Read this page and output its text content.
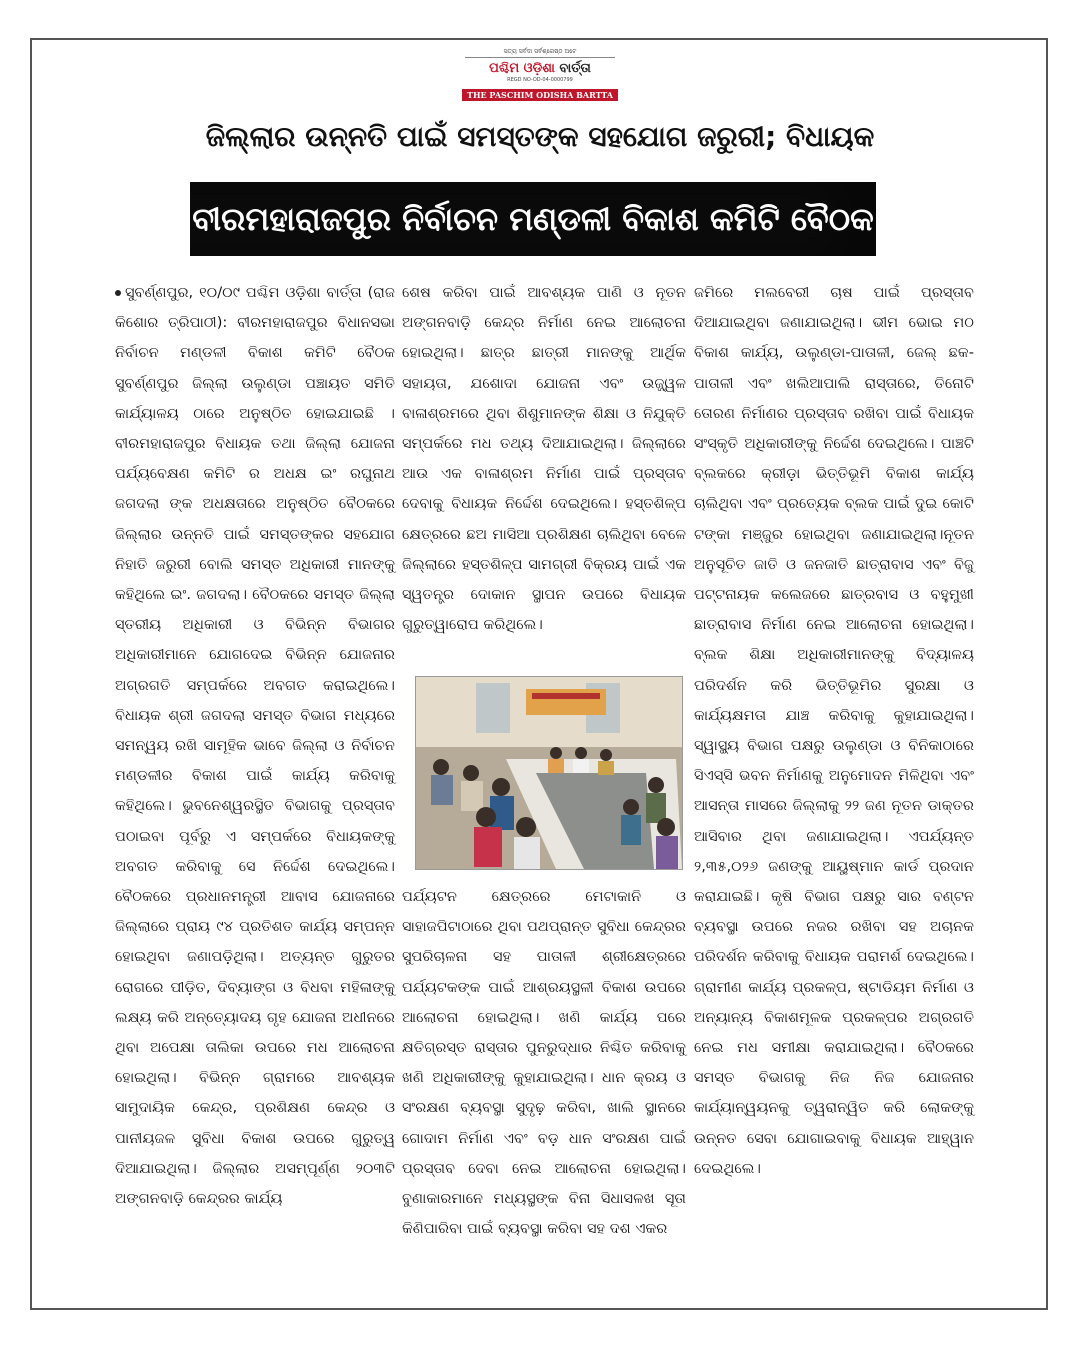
ସତ୍ୟ ସର୍ବଦା ସର୍ବଶ୍ରେଷ୍ଠ ଅଟେ
ପଶ୍ଚିମ ଓଡ଼ିଶା ବାର୍ତ୍ତା
REGD NO-OD-04-0000799
THE PASCHIM ODISHA BARTTA
ଜିଲ୍ଲାର ଉନ୍ନତି ପାଇଁ ସମସ୍ତଙ୍କ ସହଯୋଗ ଜରୁରୀ; ବିଧାୟକ
ବୀରମହାରାଜପୁର ନିର୍ବାଚନ ମଣ୍ଡଳୀ ବିକାଶ କମିଟି ବୈଠକ

ସୁବର୍ଣ୍ଣପୁର, ୧୦/୦୯ ପଶ୍ଚିମ ଓଡ଼ିଶା ବାର୍ତ୍ତା (ରାଜ କିଶୋର ତ୍ରିପାଠୀ): ବୀରମହାରାଜପୁର ବିଧାନସଭା ନିର୍ବାଚନ ମଣ୍ଡଳୀ ବିକାଶ କମିଟି ବୈଠକ ସୁବର୍ଣ୍ଣପୁର ଜିଲ୍ଲା ଉଲୁଣ୍ଡା ପଞ୍ଚାୟତ ସମିତି କାର୍ଯ୍ୟାଳୟ ଠାରେ ଅନୁଷ୍ଠିତ ହୋଇଯାଇଛି । ବୀରମହାରାଜପୁର ବିଧାୟକ ତଥା ଜିଲ୍ଲା ଯୋଜନା ପର୍ଯ୍ୟବେକ୍ଷଣ କମିଟି ର ଅଧକ୍ଷ ଇଂ ରଘୁନାଥ ଜଗଦଲା ଙ୍କ ଅଧକ୍ଷତାରେ ଅନୁଷ୍ଠିତ ବୈଠକରେ ଜିଲ୍ଲାର ଉନ୍ନତି ପାଇଁ ସମସ୍ତଙ୍କର ସହଯୋଗ ନିହାତି ଜରୁରୀ ବୋଲି ସମସ୍ତ ଅଧିକାରୀ ମାନଙ୍କୁ କହିଥିଲେ ଇଂ. ଜଗଦଲା। ବୈଠକରେ ସମସ୍ତ ଜିଲ୍ଲା ସ୍ତରୀୟ ଅଧିକାରୀ ଓ ବିଭିନ୍ନ ବିଭାଗର ଅଧିକାରୀମାନେ ଯୋଗଦେଇ ବିଭିନ୍ନ ଯୋଜନାର ଅଗ୍ରଗତି ସମ୍ପର୍କରେ ଅବଗତ କରାଇଥିଲେ। ବିଧାୟକ ଶ୍ରୀ ଜଗଦଲା ସମସ୍ତ ବିଭାଗ ମଧ୍ୟରେ ସମନ୍ୱୟ ରଖି ସାମୂହିକ ଭାବେ ଜିଲ୍ଲା ଓ ନିର୍ବାଚନ ମଣ୍ଡଳୀର ବିକାଶ ପାଇଁ କାର୍ଯ୍ୟ କରିବାକୁ କହିଥିଲେ। ଭୁବନେଶ୍ୱରସ୍ଥିତ ବିଭାଗକୁ ପ୍ରସ୍ତାବ ପଠାଇବା ପୂର୍ବରୁ ଏ ସମ୍ପର୍କରେ ବିଧାୟକଙ୍କୁ ଅବଗତ କରିବାକୁ ସେ ନିର୍ଦ୍ଦେଶ ଦେଇଥିଲେ। ବୈଠକରେ ପ୍ରଧାନମନ୍ତ୍ରୀ ଆବାସ ଯୋଜନାରେ ଜିଲ୍ଲାରେ ପ୍ରାୟ ୯୪ ପ୍ରତିଶତ କାର୍ଯ୍ୟ ସମ୍ପନ୍ନ ହୋଇଥିବା ଜଣାପଡ଼ିଥିଲା। ଅତ୍ୟନ୍ତ ଗୁରୁତର ରୋଗରେ ପୀଡ଼ିତ, ଦିବ୍ୟାଙ୍ଗ ଓ ବିଧବା ମହିଳାଙ୍କୁ ଲକ୍ଷ୍ୟ କରି ଅନ୍ତ୍ୟୋଦୟ ଗୃହ ଯୋଜନା ଅଧୀନରେ ଥିବା ଅପେକ୍ଷା ତାଲିକା ଉପରେ ମଧ ଆଲୋଚନା ହୋଇଥିଲା। ବିଭିନ୍ନ ଗ୍ରାମରେ ଆବଶ୍ୟକ ସାମୁଦାୟିକ କେନ୍ଦ୍ର, ପ୍ରଶିକ୍ଷଣ କେନ୍ଦ୍ର ଓ ପାନୀୟଜଳ ସୁବିଧା ବିକାଶ ଉପରେ ଗୁରୁତ୍ୱ ଦିଆଯାଇଥିଲା। ଜିଲ୍ଲାର ଅସମ୍ପୂର୍ଣ୍ଣ ୨୦୩ଟି ଅଙ୍ଗନବାଡ଼ି କେନ୍ଦ୍ରର କାର୍ଯ୍ୟ

ଶେଷ କରିବା ପାଇଁ ଆବଶ୍ୟକ ପାଣି ଓ ନୂତନ ଅଙ୍ଗନବାଡ଼ି କେନ୍ଦ୍ର ନିର୍ମାଣ ନେଇ ଆଲୋଚନା ହୋଇଥିଲା। ଛାତ୍ର ଛାତ୍ରୀ ମାନଙ୍କୁ ଆର୍ଥିକ ସହାୟତା, ଯଶୋଦା ଯୋଜନା ଏବଂ ଉଜ୍ଜ୍ୱଳ ବାଳାଶ୍ରମରେ ଥିବା ଶିଶୁମାନଙ୍କ ଶିକ୍ଷା ଓ ନିଯୁକ୍ତି ସମ୍ପର୍କରେ ମଧ ତଥ୍ୟ ଦିଆଯାଇଥିଲା। ଜିଲ୍ଲାରେ ଆଉ ଏକ ବାଳାଶ୍ରମ ନିର୍ମାଣ ପାଇଁ ପ୍ରସ୍ତାବ ଦେବାକୁ ବିଧାୟକ ନିର୍ଦ୍ଦେଶ ଦେଇଥିଲେ। ହସ୍ତଶିଳ୍ପ କ୍ଷେତ୍ରରେ ଛଅ ମାସିଆ ପ୍ରଶିକ୍ଷଣ ଚାଲିଥିବା ବେଳେ ଜିଲ୍ଲାରେ ହସ୍ତଶିଳ୍ପ ସାମଗ୍ରୀ ବିକ୍ରୟ ପାଇଁ ଏକ ସ୍ୱତନ୍ତ୍ର ଦୋକାନ ସ୍ଥାପନ ଉପରେ ବିଧାୟକ ଗୁରୁତ୍ୱାରୋପ କରିଥିଲେ।

ପର୍ଯ୍ୟଟନ କ୍ଷେତ୍ରରେ ମେଟାକାନି ଓ ସାହାଜପିଟାଠାରେ ଥିବା ପଥପ୍ରାନ୍ତ ସୁବିଧା କେନ୍ଦ୍ରର ସୁପରିଚାଳନା ସହ ପାତାଳୀ ଶ୍ରୀକ୍ଷେତ୍ରରେ ପର୍ଯ୍ୟଟକଙ୍କ ପାଇଁ ଆଶ୍ରୟସ୍ଥଳୀ ବିକାଶ ଉପରେ ଆଲୋଚନା ହୋଇଥିଲା। ଖଣି କାର୍ଯ୍ୟ ପରେ କ୍ଷତିଗ୍ରସ୍ତ ରାସ୍ତାର ପୁନରୁଦ୍ଧାର ନିଶ୍ଚିତ କରିବାକୁ ଖଣି ଅଧିକାରୀଙ୍କୁ କୁହାଯାଇଥିଲା। ଧାନ କ୍ରୟ ଓ ସଂରକ୍ଷଣ ବ୍ୟବସ୍ଥା ସୁଦୃଢ଼ କରିବା, ଖାଲି ସ୍ଥାନରେ ଗୋଦାମ ନିର୍ମାଣ ଏବଂ ବଡ଼ ଧାନ ସଂରକ୍ଷଣ ପାଇଁ ପ୍ରସ୍ତାବ ଦେବା ନେଇ ଆଲୋଚନା ହୋଇଥିଲା। ବୁଣାକାରମାନେ ମଧ୍ୟସ୍ଥଙ୍କ ବିନା ସିଧାସଳଖ ସୂତା କିଣିପାରିବା ପାଇଁ ବ୍ୟବସ୍ଥା କରିବା ସହ ଦଶ ଏକର

ଜମିରେ ମଲବେରୀ ଚାଷ ପାଇଁ ପ୍ରସ୍ତାବ ଦିଆଯାଇଥିବା ଜଣାଯାଇଥିଲା। ଭୀମ ଭୋଇ ମଠ ବିକାଶ କାର୍ଯ୍ୟ, ଉଲୁଣ୍ଡା-ପାତାଳୀ, ଜେଲ୍ ଛକ-ପାତାଳୀ ଏବଂ ଖଲିଆପାଲି ରାସ୍ତାରେ, ତିନୋଟି ତୋରଣ ନିର୍ମାଣର ପ୍ରସ୍ତାବ ରଖିବା ପାଇଁ ବିଧାୟକ ସଂସ୍କୃତି ଅଧିକାରୀଙ୍କୁ ନିର୍ଦ୍ଦେଶ ଦେଇଥିଲେ। ପାଞ୍ଚଟି ବ୍ଲକରେ କ୍ରୀଡ଼ା ଭିତ୍ତିଭୂମି ବିକାଶ କାର୍ଯ୍ୟ ଚାଲିଥିବା ଏବଂ ପ୍ରତ୍ୟେକ ବ୍ଲକ ପାଇଁ ଦୁଇ କୋଟି ଟଙ୍କା ମଞ୍ଜୁର ହୋଇଥିବା ଜଣାଯାଇଥିଲା।ନୂତନ ଅନୁସୂଚିତ ଜାତି ଓ ଜନଜାତି ଛାତ୍ରାବାସ ଏବଂ ବିଜୁ ପଟ୍ଟନାୟକ କଲେଜରେ ଛାତ୍ରବାସ ଓ ବହୁମୁଖୀ ଛାତ୍ରାବାସ ନିର୍ମାଣ ନେଇ ଆଲୋଚନା ହୋଇଥିଲା। ବ୍ଲକ ଶିକ୍ଷା ଅଧିକାରୀମାନଙ୍କୁ ବିଦ୍ୟାଳୟ ପରିଦର୍ଶନ କରି ଭିତ୍ତିଭୂମିର ସୁରକ୍ଷା ଓ କାର୍ଯ୍ୟକ୍ଷମତା ଯାଞ୍ଚ କରିବାକୁ କୁହାଯାଇଥିଲା। ସ୍ୱାସ୍ଥ୍ୟ ବିଭାଗ ପକ୍ଷରୁ ଉଲୁଣ୍ଡା ଓ ବିନିକାଠାରେ ସିଏସ୍‌ସି ଭବନ ନିର୍ମାଣକୁ ଅନୁମୋଦନ ମିଳିଥିବା ଏବଂ ଆସନ୍ତା ମାସରେ ଜିଲ୍ଲାକୁ ୨୨ ଜଣ ନୂତନ ଡାକ୍ତର ଆସିବାର ଥିବା ଜଣାଯାଇଥିଲା। ଏପର୍ଯ୍ୟନ୍ତ ୨,୩୫,୦୨୬ ଜଣଙ୍କୁ ଆୟୁଷ୍ମାନ କାର୍ଡ ପ୍ରଦାନ କରାଯାଇଛି। କୃଷି ବିଭାଗ ପକ୍ଷରୁ ସାର ବଣ୍ଟନ ବ୍ୟବସ୍ଥା ଉପରେ ନଜର ରଖିବା ସହ ଅଚାନକ ପରିଦର୍ଶନ କରିବାକୁ ବିଧାୟକ ପରାମର୍ଶ ଦେଇଥିଲେ। ଗ୍ରାମୀଣ କାର୍ଯ୍ୟ ପ୍ରକଳ୍ପ, ଷ୍ଟାଡିୟମ ନିର୍ମାଣ ଓ ଅନ୍ୟାନ୍ୟ ବିକାଶମୂଳକ ପ୍ରକଳ୍ପର ଅଗ୍ରଗତି ନେଇ ମଧ ସମୀକ୍ଷା କରାଯାଇଥିଲା। ବୈଠକରେ ସମସ୍ତ ବିଭାଗକୁ ନିଜ ନିଜ ଯୋଜନାର କାର୍ଯ୍ୟାନ୍ୱୟନକୁ ତ୍ୱରାନ୍ୱିତ କରି ଲୋକଙ୍କୁ ଉନ୍ନତ ସେବା ଯୋଗାଇବାକୁ ବିଧାୟକ ଆହ୍ୱାନ ଦେଇଥିଲେ।
